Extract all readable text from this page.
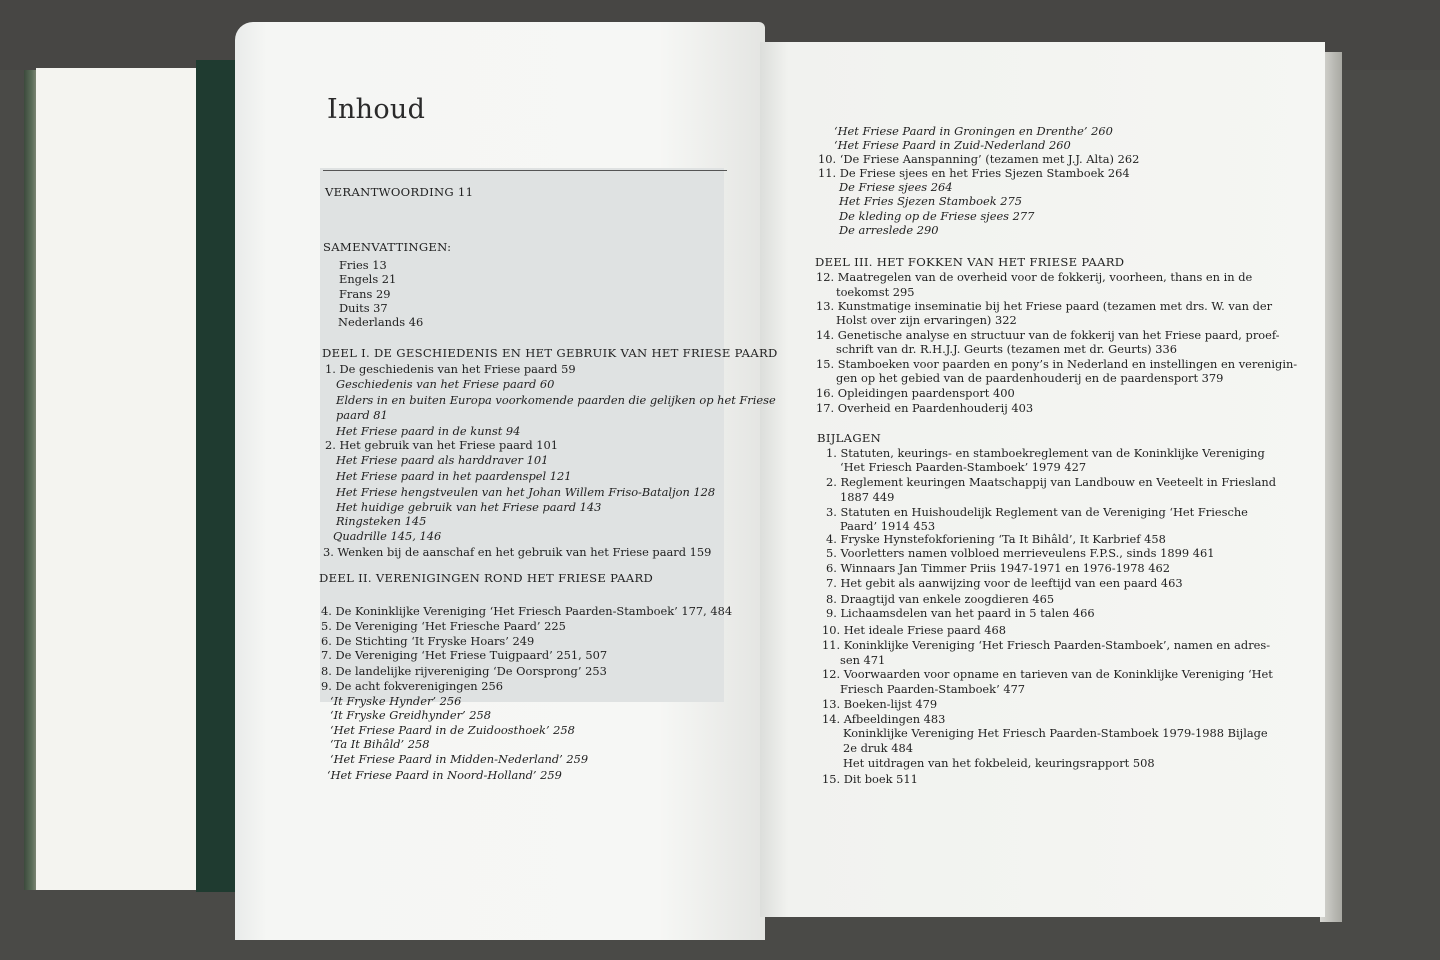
Inhoud
VERANTWOORDING 11
SAMENVATTINGEN:
Fries 13
Engels 21
Frans 29
Duits 37
Nederlands 46
DEEL I. DE GESCHIEDENIS EN HET GEBRUIK VAN HET FRIESE PAARD
1. De geschiedenis van het Friese paard 59
Geschiedenis van het Friese paard 60
Elders in en buiten Europa voorkomende paarden die gelijken op het Friese
paard 81
Het Friese paard in de kunst 94
2. Het gebruik van het Friese paard 101
Het Friese paard als harddraver 101
Het Friese paard in het paardenspel 121
Het Friese hengstveulen van het Johan Willem Friso-Bataljon 128
Het huidige gebruik van het Friese paard 143
Ringsteken 145
Quadrille 145, 146
3. Wenken bij de aanschaf en het gebruik van het Friese paard 159
DEEL II. VERENIGINGEN ROND HET FRIESE PAARD
4. De Koninklijke Vereniging ‘Het Friesch Paarden-Stamboek’ 177, 484
5. De Vereniging ‘Het Friesche Paard’ 225
6. De Stichting ‘It Fryske Hoars’ 249
7. De Vereniging ‘Het Friese Tuigpaard’ 251, 507
8. De landelijke rijvereniging ‘De Oorsprong’ 253
9. De acht fokverenigingen 256
‘It Fryske Hynder’ 256
‘It Fryske Greidhynder’ 258
‘Het Friese Paard in de Zuidoosthoek’ 258
‘Ta It Bihâld’ 258
‘Het Friese Paard in Midden-Nederland’ 259
‘Het Friese Paard in Noord-Holland’ 259
‘Het Friese Paard in Groningen en Drenthe’ 260
‘Het Friese Paard in Zuid-Nederland 260
10. ‘De Friese Aanspanning’ (tezamen met J.J. Alta) 262
11. De Friese sjees en het Fries Sjezen Stamboek 264
De Friese sjees 264
Het Fries Sjezen Stamboek 275
De kleding op de Friese sjees 277
De arreslede 290
DEEL III. HET FOKKEN VAN HET FRIESE PAARD
12. Maatregelen van de overheid voor de fokkerij, voorheen, thans en in de
toekomst 295
13. Kunstmatige inseminatie bij het Friese paard (tezamen met drs. W. van der
Holst over zijn ervaringen) 322
14. Genetische analyse en structuur van de fokkerij van het Friese paard, proef-
schrift van dr. R.H.J.J. Geurts (tezamen met dr. Geurts) 336
15. Stamboeken voor paarden en pony’s in Nederland en instellingen en verenigin-
gen op het gebied van de paardenhouderij en de paardensport 379
16. Opleidingen paardensport 400
17. Overheid en Paardenhouderij 403
BIJLAGEN
1. Statuten, keurings- en stamboekreglement van de Koninklijke Vereniging
‘Het Friesch Paarden-Stamboek’ 1979 427
2. Reglement keuringen Maatschappij van Landbouw en Veeteelt in Friesland
1887 449
3. Statuten en Huishoudelijk Reglement van de Vereniging ‘Het Friesche
Paard’ 1914 453
4. Fryske Hynstefokforiening ‘Ta It Bihâld’, It Karbrief 458
5. Voorletters namen volbloed merrieveulens F.P.S., sinds 1899 461
6. Winnaars Jan Timmer Priis 1947-1971 en 1976-1978 462
7. Het gebit als aanwijzing voor de leeftijd van een paard 463
8. Draagtijd van enkele zoogdieren 465
9. Lichaamsdelen van het paard in 5 talen 466
10. Het ideale Friese paard 468
11. Koninklijke Vereniging ‘Het Friesch Paarden-Stamboek’, namen en adres-
sen 471
12. Voorwaarden voor opname en tarieven van de Koninklijke Vereniging ‘Het
Friesch Paarden-Stamboek’ 477
13. Boeken-lijst 479
14. Afbeeldingen 483
Koninklijke Vereniging Het Friesch Paarden-Stamboek 1979-1988 Bijlage
2e druk 484
Het uitdragen van het fokbeleid, keuringsrapport 508
15. Dit boek 511
